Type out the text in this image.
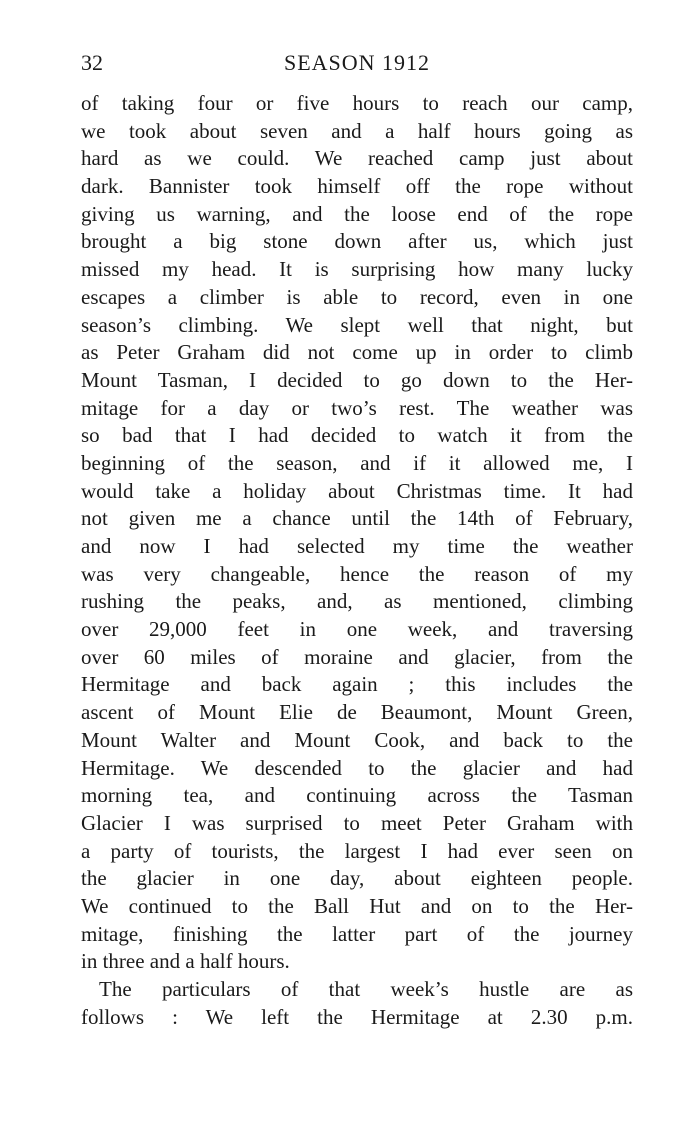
32	SEASON 1912
of taking four or five hours to reach our camp,
we took about seven and a half hours going as
hard as we could. We reached camp just about
dark. Bannister took himself off the rope without
giving us warning, and the loose end of the rope
brought a big stone down after us, which just
missed my head. It is surprising how many lucky
escapes a climber is able to record, even in one
season’s climbing. We slept well that night, but
as Peter Graham did not come up in order to climb
Mount Tasman, I decided to go down to the Her-
mitage for a day or two’s rest. The weather was
so bad that I had decided to watch it from the
beginning of the season, and if it allowed me, I
would take a holiday about Christmas time. It had
not given me a chance until the 14th of February,
and now I had selected my time the weather
was very changeable, hence the reason of my
rushing the peaks, and, as mentioned, climbing
over 29,000 feet in one week, and traversing
over 60 miles of moraine and glacier, from the
Hermitage and back again ; this includes the
ascent of Mount Elie de Beaumont, Mount Green,
Mount Walter and Mount Cook, and back to the
Hermitage. We descended to the glacier and had
morning tea, and continuing across the Tasman
Glacier I was surprised to meet Peter Graham with
a party of tourists, the largest I had ever seen on
the glacier in one day, about eighteen people.
We continued to the Ball Hut and on to the Her-
mitage, finishing the latter part of the journey
in three and a half hours.
The particulars of that week’s hustle are as
follows : We left the Hermitage at 2.30 p.m.
